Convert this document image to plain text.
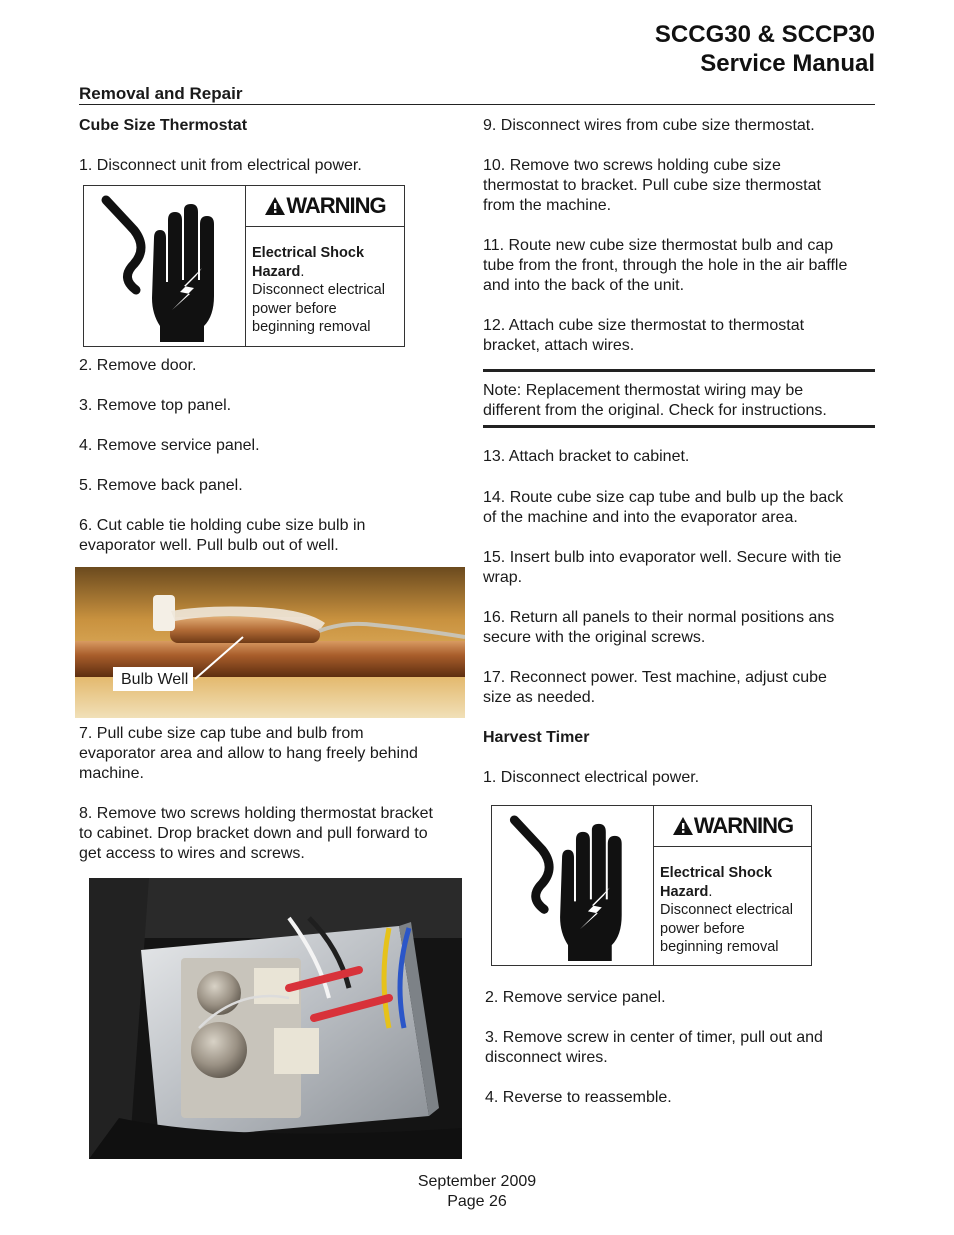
SCCG30 & SCCP30
Service Manual
Removal and Repair
Cube Size Thermostat
1. Disconnect unit from electrical power.
WARNING
Electrical Shock
Hazard.
Disconnect electrical
power before
beginning removal
2. Remove door.
3. Remove top panel.
4. Remove service panel.
5. Remove back panel.
6. Cut cable tie holding cube size bulb in
evaporator well. Pull bulb out of well.
Bulb Well
7. Pull cube size cap tube and bulb from
evaporator area and allow to hang freely behind
machine.
8. Remove two screws holding thermostat bracket
to cabinet. Drop bracket down and pull forward to
get access to wires and screws.
9. Disconnect wires from cube size thermostat.
10. Remove two screws holding cube size
thermostat to bracket. Pull cube size thermostat
from the machine.
11. Route new cube size thermostat bulb and cap
tube from the front, through the hole in the air baffle
and into the back of the unit.
12. Attach cube size thermostat to thermostat
bracket, attach wires.
Note: Replacement thermostat wiring may be
different from the original. Check for instructions.
13. Attach bracket to cabinet.
14. Route cube size cap tube and bulb up the back
of the machine and into the evaporator area.
15. Insert bulb into evaporator well. Secure with tie
wrap.
16. Return all panels to their normal positions ans
secure with the original screws.
17. Reconnect power. Test machine, adjust cube
size as needed.
Harvest Timer
1. Disconnect electrical power.
WARNING
Electrical Shock
Hazard.
Disconnect electrical
power before
beginning removal
2. Remove service panel.
3. Remove screw in center of timer, pull out and
disconnect wires.
4. Reverse to reassemble.
September 2009
Page 26
